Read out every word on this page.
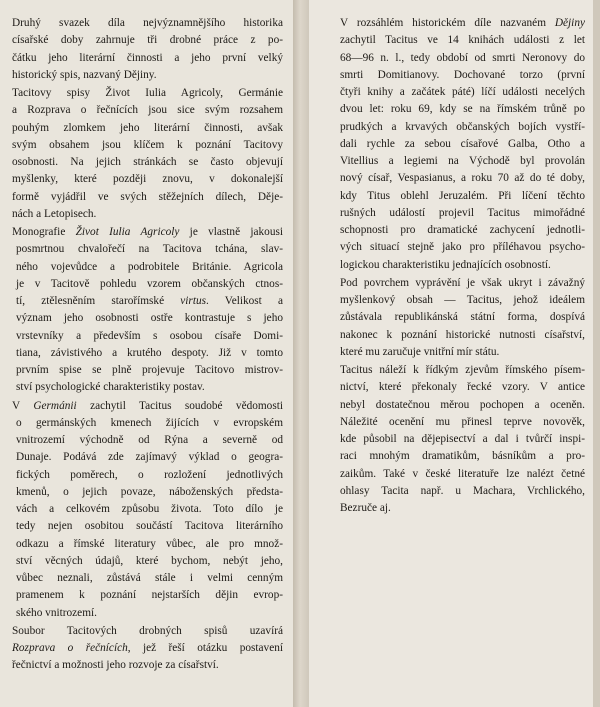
Druhý svazek díla nejvýznamnějšího historika
císařské doby zahrnuje tři drobné práce z po-
čátku jeho literární činnosti a jeho první velký
historický spis, nazvaný Dějiny.
Tacitovy spisy Život Iulia Agricoly, Germánie
a Rozprava o řečnících jsou sice svým rozsahem
pouhým zlomkem jeho literární činnosti, avšak
svým obsahem jsou klíčem k poznání Tacitovy
osobnosti. Na jejich stránkách se často objevují
myšlenky, které později znovu, v dokonalejší
formě vyjádřil ve svých stěžejních dílech, Děje-
nách a Letopisech.
Monografie Život Iulia Agricoly je vlastně jakousi
posmrtnou chvalořečí na Tacitova tchána, slav-
ného vojevůdce a podrobitele Británie. Agricola
je v Tacitově pohledu vzorem občanských ctnos-
tí, ztělesněním starořímské virtus. Velikost a
význam jeho osobnosti ostře kontrastuje s jeho
vrstevníky a především s osobou císaře Domi-
tiana, závistivého a krutého despoty. Již v tomto
prvním spise se plně projevuje Tacitovo mistrov-
ství psychologické charakteristiky postav.
V Germánii zachytil Tacitus soudobé vědomosti
o germánských kmenech žijících v evropském
vnitrozemí východně od Rýna a severně od
Dunaje. Podává zde zajímavý výklad o geogra-
fických poměrech, o rozložení jednotlivých
kmenů, o jejich povaze, náboženských předsta-
vách a celkovém způsobu života. Toto dílo je
tedy nejen osobitou součástí Tacitova literárního
odkazu a římské literatury vůbec, ale pro množ-
ství věcných údajů, které bychom, nebýt jeho,
vůbec neznali, zůstává stále i velmi cenným
pramenem k poznání nejstarších dějin evrop-
ského vnitrozemí.
Soubor Tacitových drobných spisů uzavírá
Rozprava o řečnících, jež řeší otázku postavení
řečnictví a možnosti jeho rozvoje za císařství.
V rozsáhlém historickém díle nazvaném Dějiny
zachytil Tacitus ve 14 knihách události z let
68—96 n. l., tedy období od smrti Neronovy do
smrti Domitianovy. Dochované torzo (první
čtyři knihy a začátek páté) líčí události necelých
dvou let: roku 69, kdy se na římském trůně po
prudkých a krvavých občanských bojích vystří-
dali rychle za sebou císařové Galba, Otho a
Vitellius a legiemi na Východě byl provolán
nový císař, Vespasianus, a roku 70 až do té doby,
kdy Titus oblehl Jeruzalém. Při líčení těchto
rušných událostí projevil Tacitus mimořádné
schopnosti pro dramatické zachycení jednotli-
vých situací stejně jako pro příléhavou psycho-
logickou charakteristiku jednajících osobností.
Pod povrchem vyprávění je však ukryt i závažný
myšlenkový obsah — Tacitus, jehož ideálem
zůstávala republikánská státní forma, dospívá
nakonec k poznání historické nutnosti císařství,
které mu zaručuje vnitřní mír státu.
Tacitus náleží k řídkým zjevům římského písem-
nictví, které překonaly řecké vzory. V antice
nebyl dostatečnou měrou pochopen a oceněn.
Náležité ocenění mu přinesl teprve novověk,
kde působil na dějepisectví a dal i tvůrčí inspi-
raci mnohým dramatikům, básníkům a pro-
zaikům. Také v české literatuře lze nalézt četné
ohlasy Tacita např. u Machara, Vrchlického,
Bezruče aj.
